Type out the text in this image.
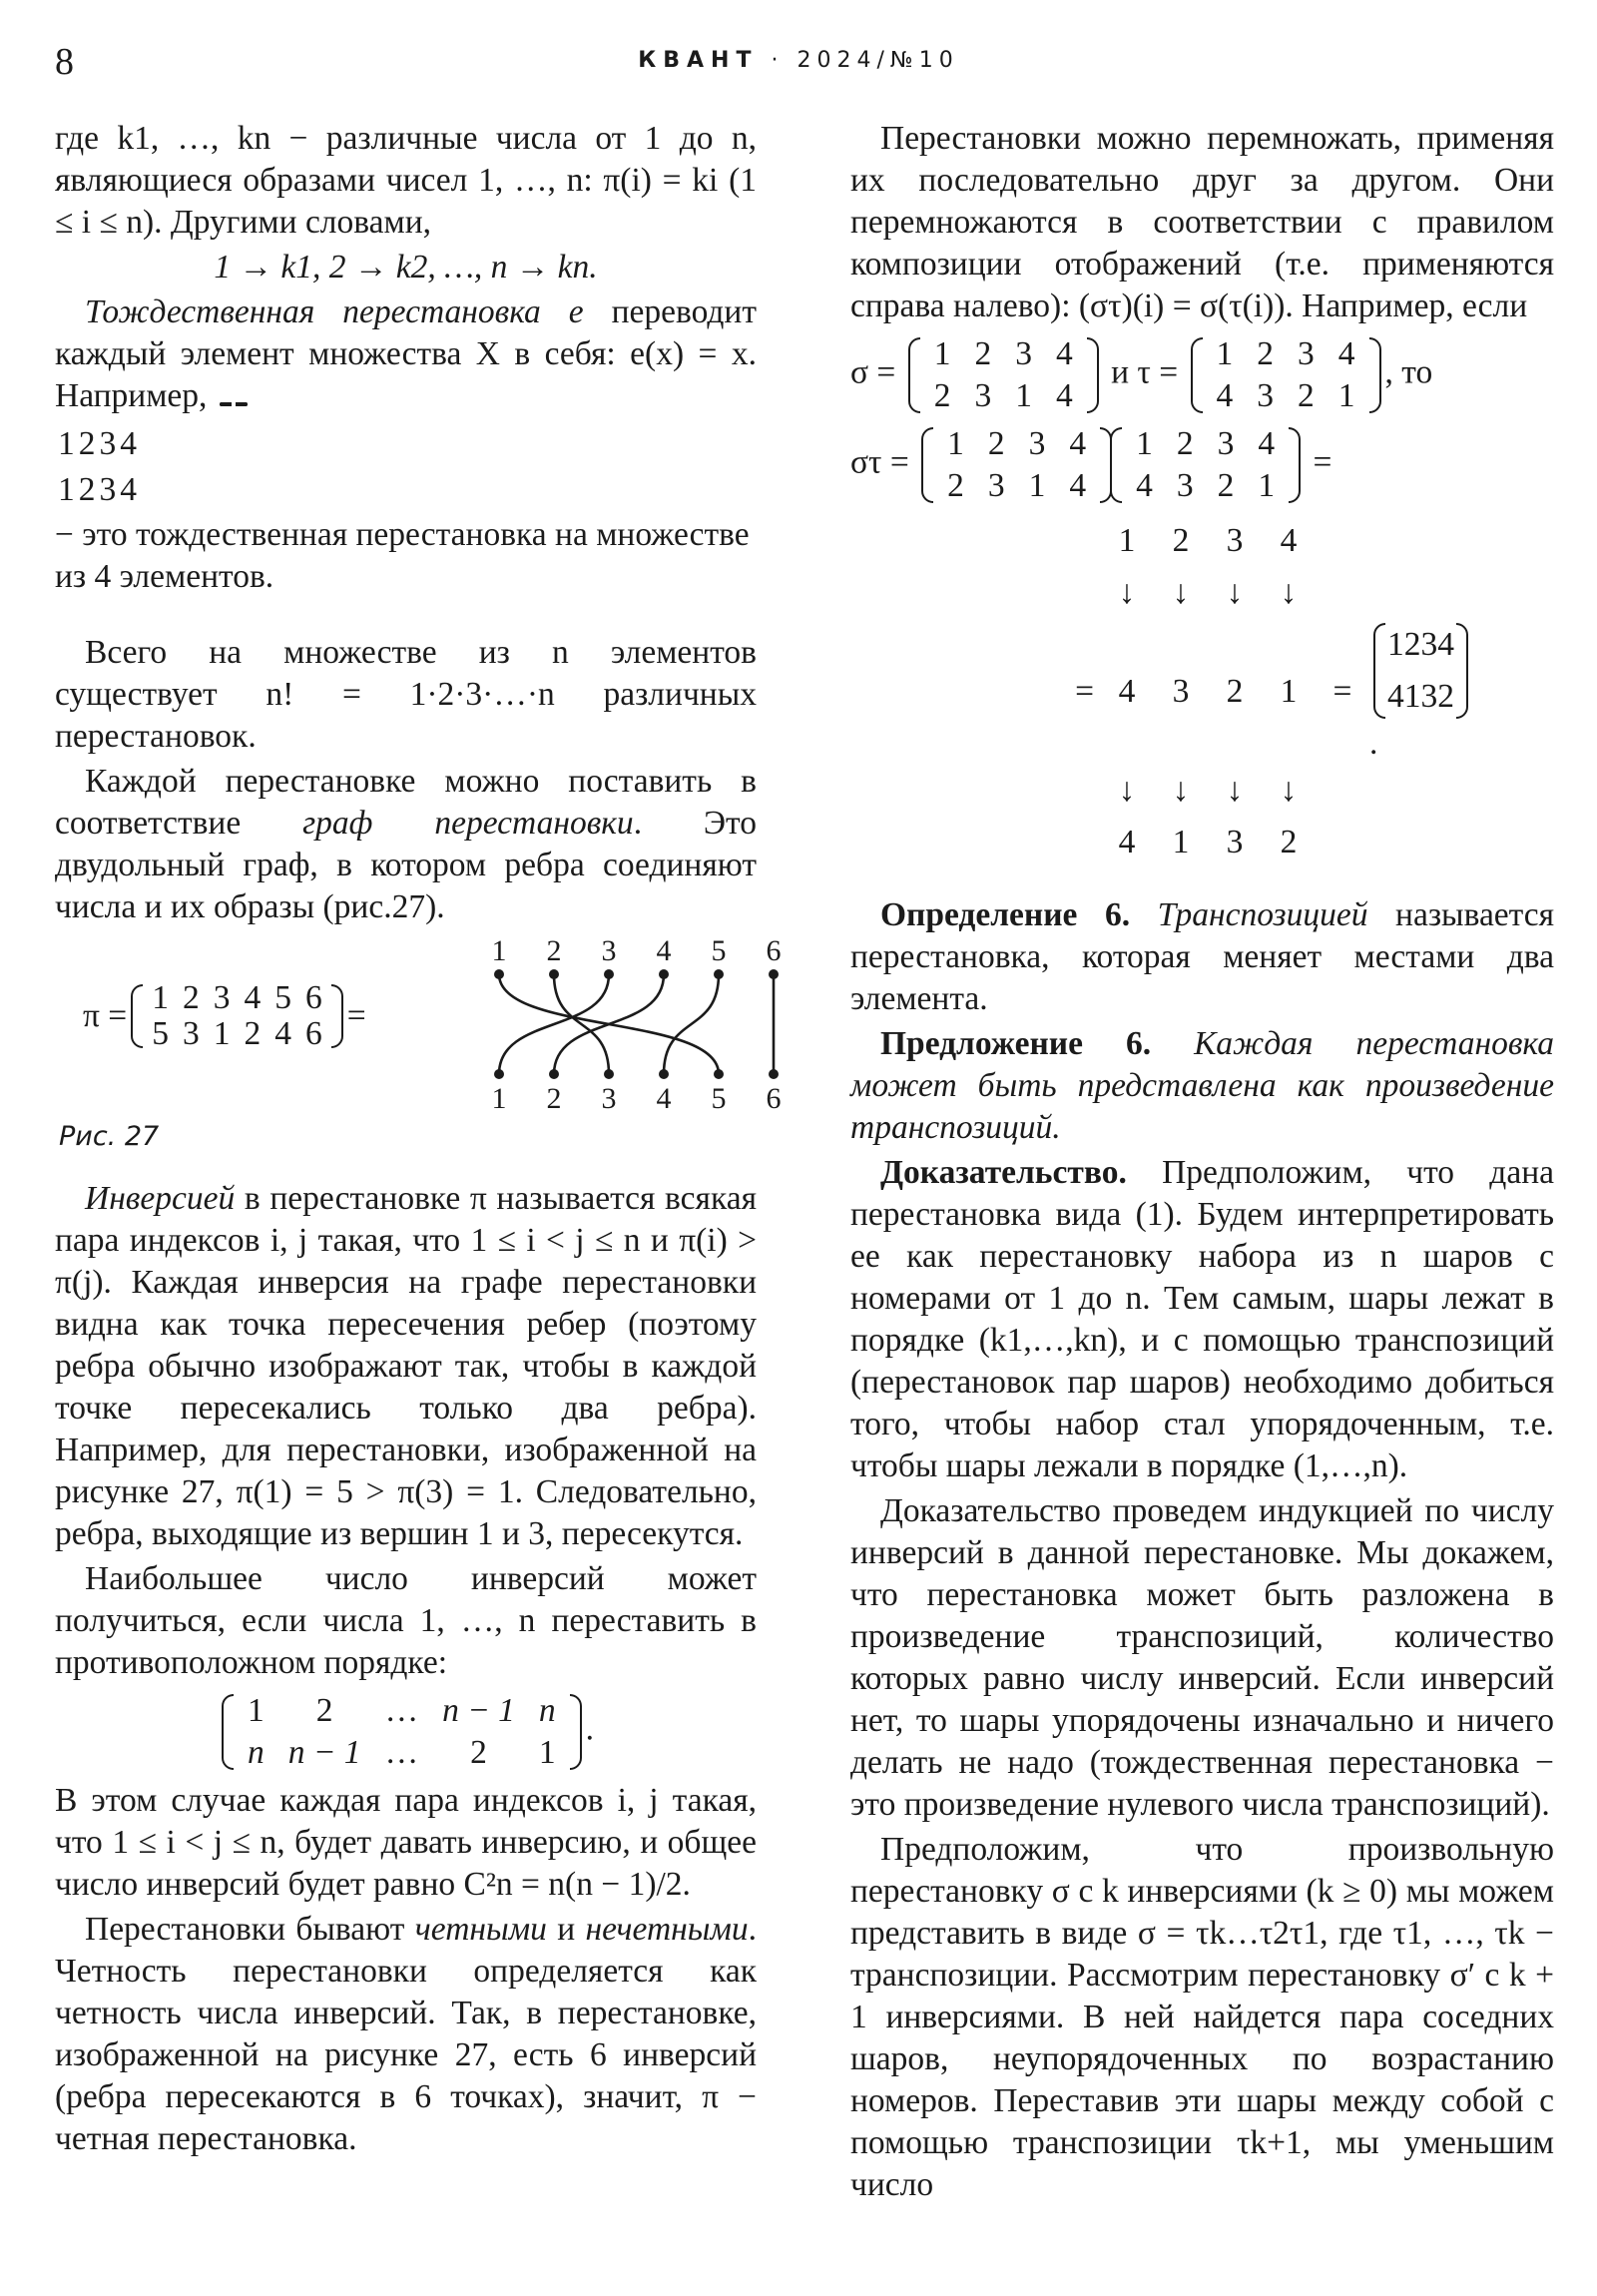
8	КВАНТ · 2024/№10

где k1, …, kn − различные числа от 1 до n, являющиеся образами чисел 1, …, n: π(i) = ki (1 ≤ i ≤ n). Другими словами,

1 → k1, 2 → k2, …, n → kn.

Тождественная перестановка e переводит каждый элемент множества X в себя: e(x) = x. Например,

1	2	3	4
1	2	3	4
− это тождественная перестановка на множестве из 4 элементов.

Всего на множестве из n элементов существует n! = 1·2·3·…·n различных перестановок.

Каждой перестановке можно поставить в соответствие граф перестановки. Это двудольный граф, в котором ребра соединяют числа и их образы (рис.27).

π = 1	2	3	4	5	6
5	3	1	2	4	6 =
1 2 3 4 5 6
1 2 3 4 5 6
Рис. 27

Инверсией в перестановке π называется всякая пара индексов i, j такая, что 1 ≤ i < j ≤ n и π(i) > π(j). Каждая инверсия на графе перестановки видна как точка пересечения ребер (поэтому ребра обычно изображают так, чтобы в каждой точке пересекались только два ребра). Например, для перестановки, изображенной на рисунке 27, π(1) = 5 > π(3) = 1. Следовательно, ребра, выходящие из вершин 1 и 3, пересекутся.

Наибольшее число инверсий может получиться, если числа 1, …, n переставить в противоположном порядке:

1	2	…	n − 1	n
n	n − 1	…	2	1
.

В этом случае каждая пара индексов i, j такая, что 1 ≤ i < j ≤ n, будет давать инверсию, и общее число инверсий будет равно C²n = n(n − 1)/2.

Перестановки бывают четными и нечетными. Четность перестановки определяется как четность числа инверсий. Так, в перестановке, изображенной на рисунке 27, есть 6 инверсий (ребра пересекаются в 6 точках), значит, π − четная перестановка.

Перестановки можно перемножать, применяя их последовательно друг за другом. Они перемножаются в соответствии с правилом композиции отображений (т.е. применяются справа налево): (στ)(i) = σ(τ(i)). Например, если

σ =
1	2	3	4
2	3	1	4
и τ =
1	2	3	4
4	3	2	1
, то
στ =
1	2	3	4
2	3	1	4
1	2	3	4
4	3	2	1
=
	1	2	3	4		
	↓	↓	↓	↓		
=	4	3	2	1	=	
1	2	3	4
4	1	3	2
.
	↓	↓	↓	↓		
	4	1	3	2		

Определение 6. Транспозицией называется перестановка, которая меняет местами два элемента.

Предложение 6. Каждая перестановка может быть представлена как произведение транспозиций.

Доказательство. Предположим, что дана перестановка вида (1). Будем интерпретировать ее как перестановку набора из n шаров с номерами от 1 до n. Тем самым, шары лежат в порядке (k1,…,kn), и с помощью транспозиций (перестановок пар шаров) необходимо добиться того, чтобы набор стал упорядоченным, т.е. чтобы шары лежали в порядке (1,…,n).

Доказательство проведем индукцией по числу инверсий в данной перестановке. Мы докажем, что перестановка может быть разложена в произведение транспозиций, количество которых равно числу инверсий. Если инверсий нет, то шары упорядочены изначально и ничего делать не надо (тождественная перестановка − это произведение нулевого числа транспозиций).

Предположим, что произвольную перестановку σ с k инверсиями (k ≥ 0) мы можем представить в виде σ = τk…τ2τ1, где τ1, …, τk − транспозиции. Рассмотрим перестановку σ′ с k + 1 инверсиями. В ней найдется пара соседних шаров, неупорядоченных по возрастанию номеров. Переставив эти шары между собой с помощью транспозиции τk+1, мы уменьшим число
